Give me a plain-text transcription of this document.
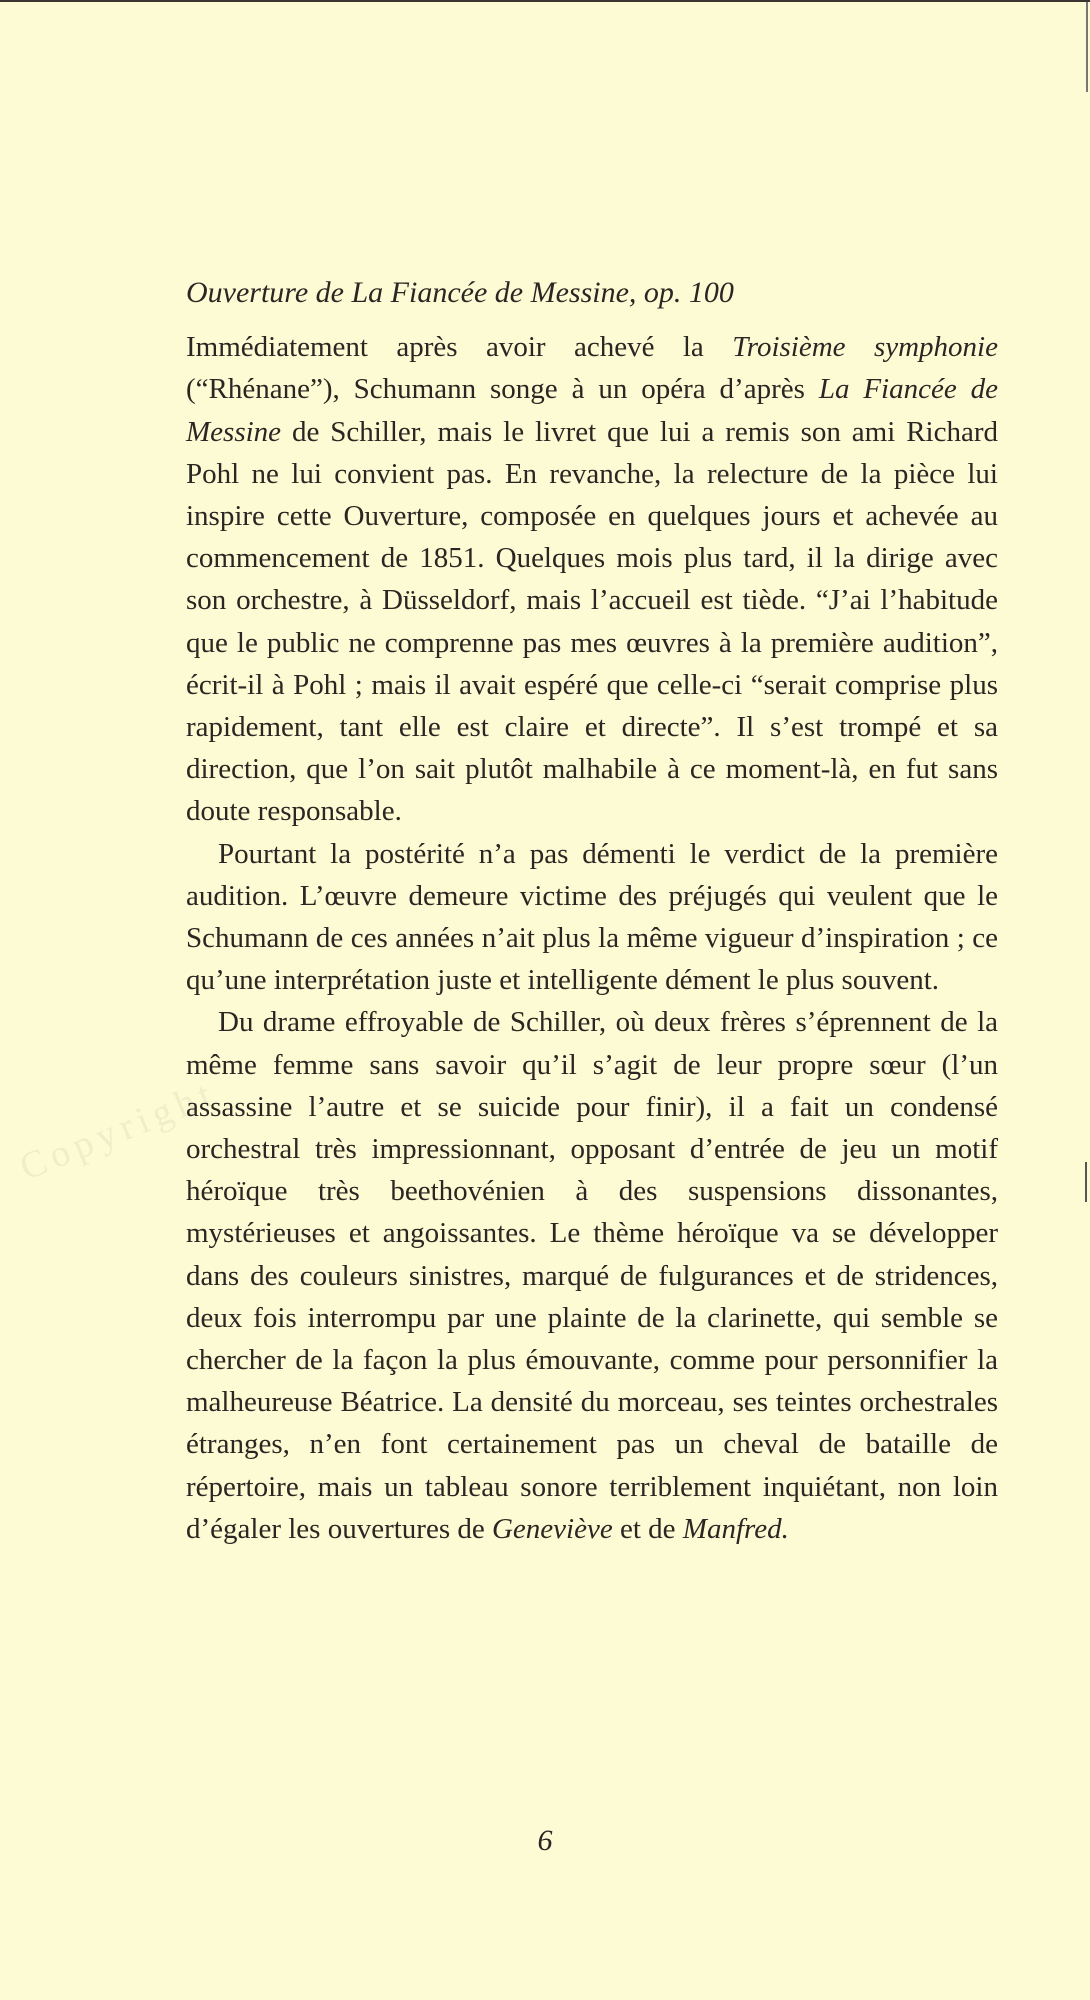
Copyright
Ouverture de La Fiancée de Messine, op. 100

Immédiatement après avoir achevé la Troisième symphonie (“Rhénane”), Schumann songe à un opéra d’après La Fiancée de Messine de Schiller, mais le livret que lui a remis son ami Richard Pohl ne lui convient pas. En revanche, la relecture de la pièce lui inspire cette Ouverture, composée en quelques jours et achevée au commencement de 1851. Quelques mois plus tard, il la dirige avec son orchestre, à Düsseldorf, mais l’accueil est tiède. “J’ai l’habitude que le public ne comprenne pas mes œuvres à la première audition”, écrit-il à Pohl ; mais il avait espéré que celle-ci “serait comprise plus rapidement, tant elle est claire et directe”. Il s’est trompé et sa direction, que l’on sait plutôt malhabile à ce moment-là, en fut sans doute responsable.

Pourtant la postérité n’a pas démenti le verdict de la première audition. L’œuvre demeure victime des préjugés qui veulent que le Schumann de ces années n’ait plus la même vigueur d’inspiration ; ce qu’une interprétation juste et intelligente dément le plus souvent.

Du drame effroyable de Schiller, où deux frères s’éprennent de la même femme sans savoir qu’il s’agit de leur propre sœur (l’un assassine l’autre et se suicide pour finir), il a fait un condensé orchestral très impressionnant, opposant d’entrée de jeu un motif héroïque très beethovénien à des suspensions dissonantes, mystérieuses et angoissantes. Le thème héroïque va se développer dans des couleurs sinistres, marqué de fulgurances et de stridences, deux fois interrompu par une plainte de la clarinette, qui semble se chercher de la façon la plus émouvante, comme pour personnifier la malheureuse Béatrice. La densité du morceau, ses teintes orchestrales étranges, n’en font certainement pas un cheval de bataille de répertoire, mais un tableau sonore terriblement inquiétant, non loin d’égaler les ouvertures de Geneviève et de Manfred.

6
